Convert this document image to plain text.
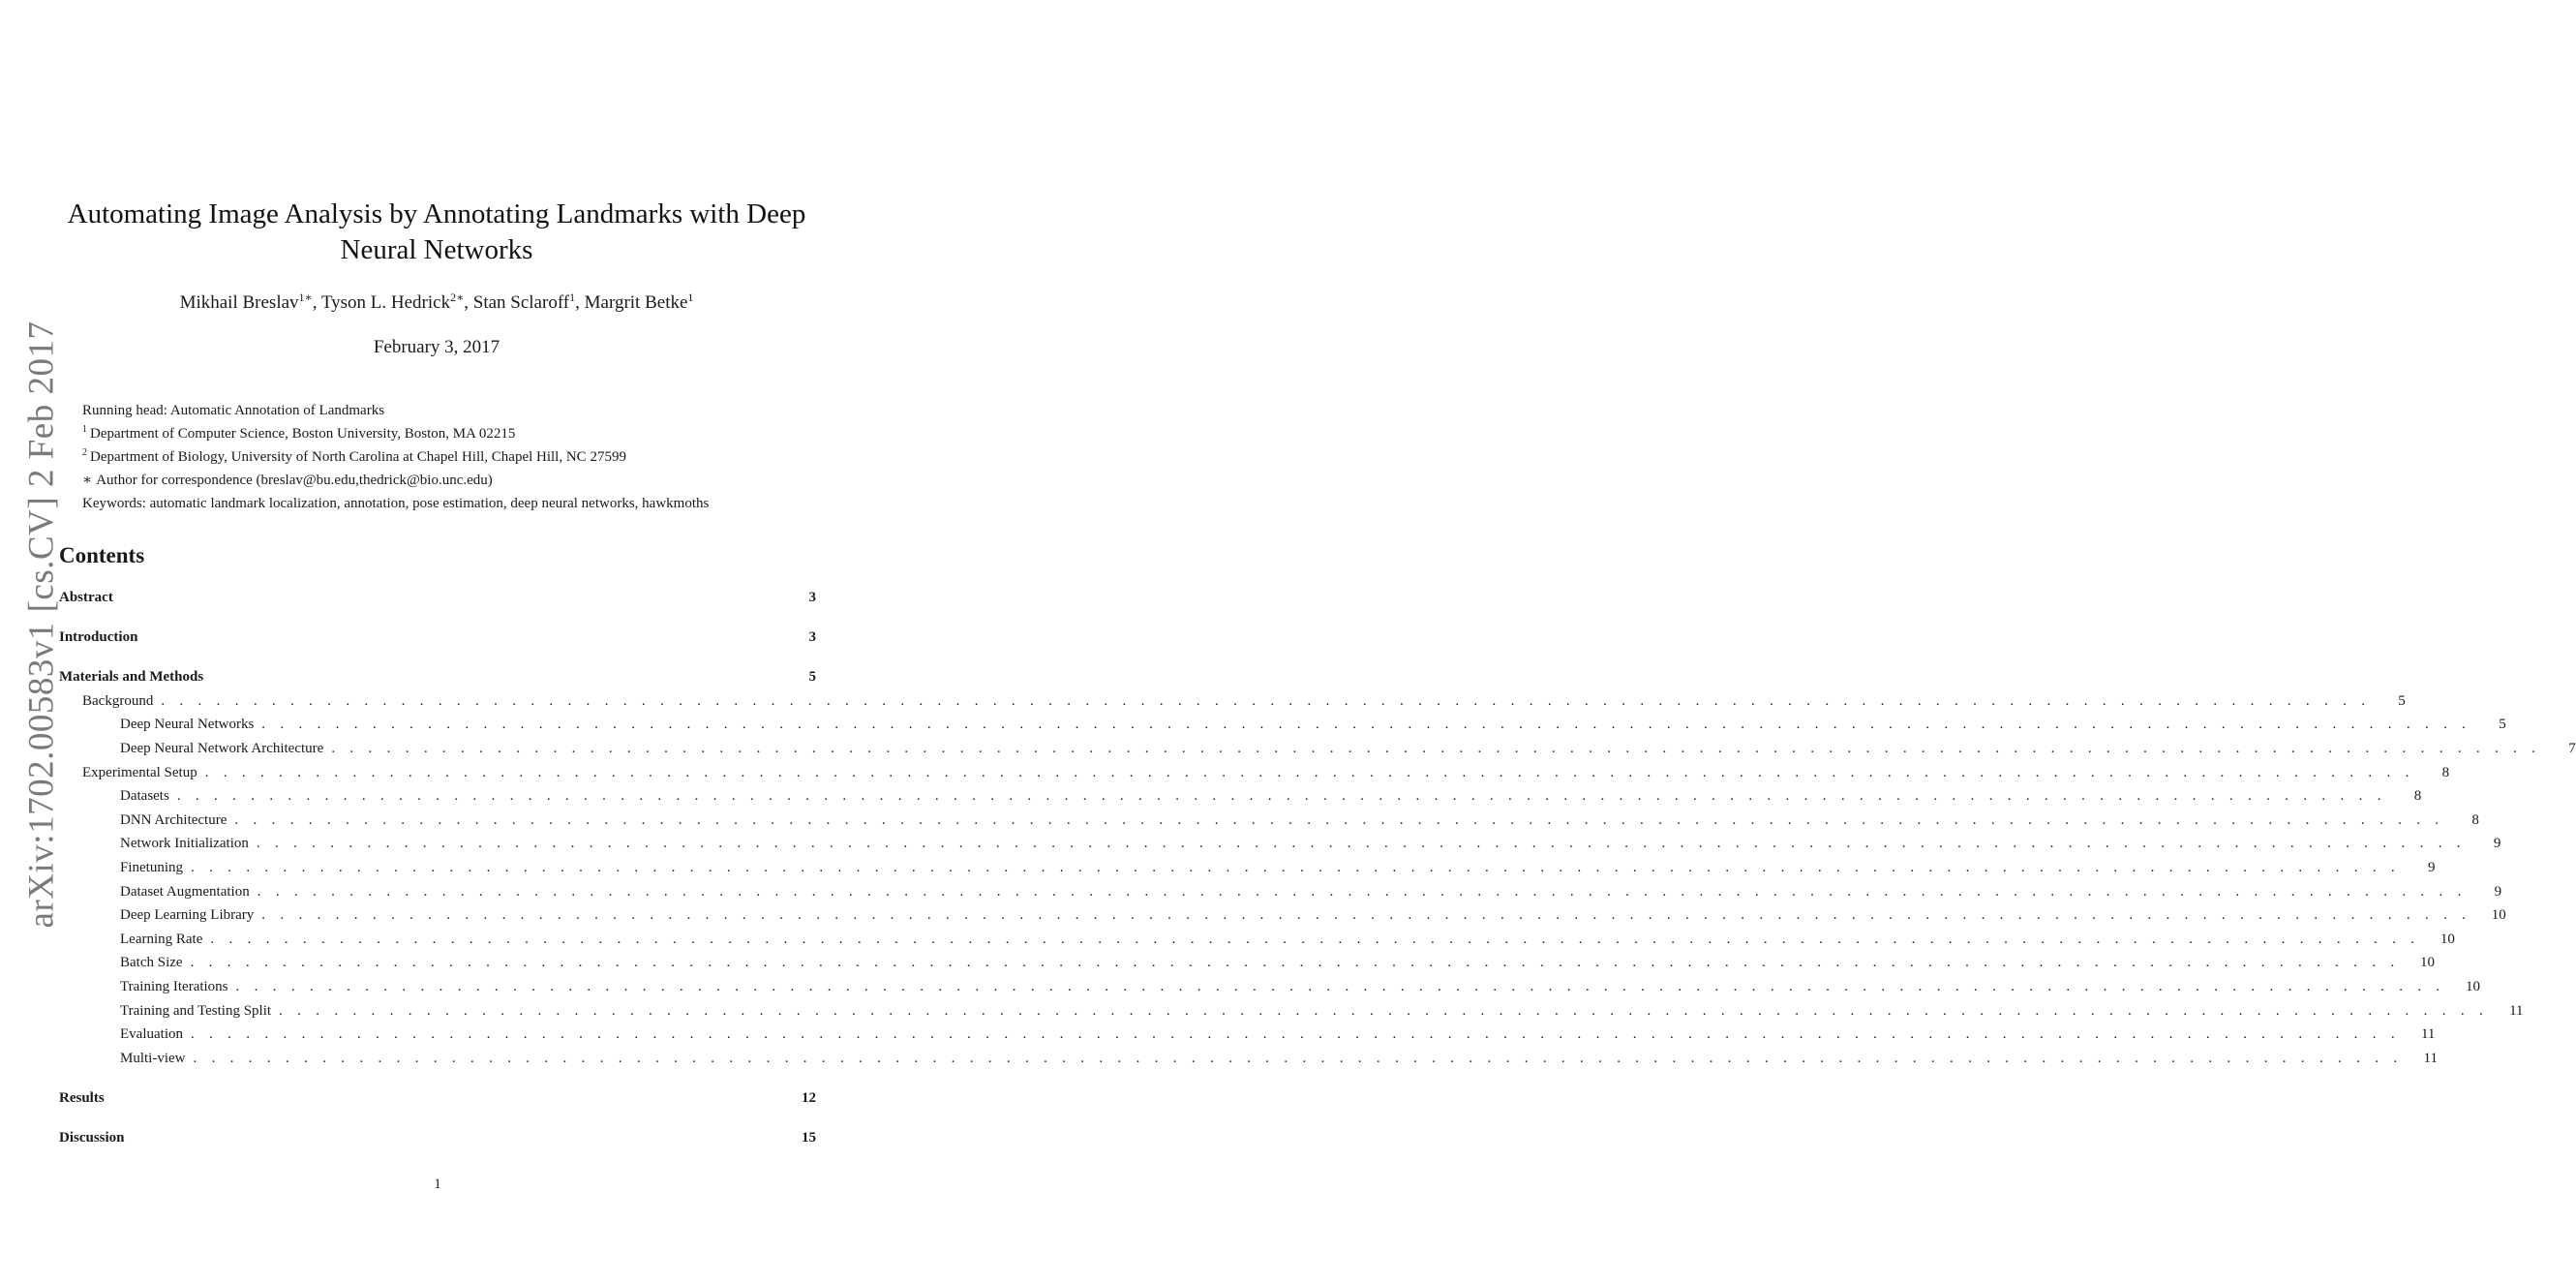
arXiv:1702.00583v1 [cs.CV] 2 Feb 2017
Automating Image Analysis by Annotating Landmarks with Deep
Neural Networks
Mikhail Breslav$^{1∗}$, Tyson L. Hedrick$^{2∗}$, Stan Sclaroff$^1$, Margrit Betke$^1$
February 3, 2017
Running head: Automatic Annotation of Landmarks
$^1$ Department of Computer Science, Boston University, Boston, MA 02215
$^2$ Department of Biology, University of North Carolina at Chapel Hill, Chapel Hill, NC 27599
∗ Author for correspondence (breslav@bu.edu,thedrick@bio.unc.edu)
Keywords: automatic landmark localization, annotation, pose estimation, deep neural networks, hawkmoths
Contents
Abstract	3
Introduction	3
Materials and Methods	5
Background . . . . . . . . . . . . . . . . . . . . . . . . . . . . . . . . . . . . . . . . . . . . . . . . . . . . . . . . . . . . . . . . . . . . . . . . . . . . . . . . . . . . . . . . . . . . . . . . . . . . . . . . . . . . . . . . . . . . . . . .	5
Deep Neural Networks . . . . . . . . . . . . . . . . . . . . . . . . . . . . . . . . . . . . . . . . . . . . . . . . . . . . . . . . . . . . . . . . . . . . . . . . . . . . . . . . . . . . . . . . . . . . . . . . . . . . . . . . . . . . . . . . . . . . . . . .	5
Deep Neural Network Architecture . . . . . . . . . . . . . . . . . . . . . . . . . . . . . . . . . . . . . . . . . . . . . . . . . . . . . . . . . . . . . . . . . . . . . . . . . . . . . . . . . . . . . . . . . . . . . . . . . . . . . . . . . . . . . . . . . . . . . . . .	7
Experimental Setup . . . . . . . . . . . . . . . . . . . . . . . . . . . . . . . . . . . . . . . . . . . . . . . . . . . . . . . . . . . . . . . . . . . . . . . . . . . . . . . . . . . . . . . . . . . . . . . . . . . . . . . . . . . . . . . . . . . . . . . .	8
Datasets . . . . . . . . . . . . . . . . . . . . . . . . . . . . . . . . . . . . . . . . . . . . . . . . . . . . . . . . . . . . . . . . . . . . . . . . . . . . . . . . . . . . . . . . . . . . . . . . . . . . . . . . . . . . . . . . . . . . . . . .	8
DNN Architecture . . . . . . . . . . . . . . . . . . . . . . . . . . . . . . . . . . . . . . . . . . . . . . . . . . . . . . . . . . . . . . . . . . . . . . . . . . . . . . . . . . . . . . . . . . . . . . . . . . . . . . . . . . . . . . . . . . . . . . . .	8
Network Initialization . . . . . . . . . . . . . . . . . . . . . . . . . . . . . . . . . . . . . . . . . . . . . . . . . . . . . . . . . . . . . . . . . . . . . . . . . . . . . . . . . . . . . . . . . . . . . . . . . . . . . . . . . . . . . . . . . . . . . . . .	9
Finetuning . . . . . . . . . . . . . . . . . . . . . . . . . . . . . . . . . . . . . . . . . . . . . . . . . . . . . . . . . . . . . . . . . . . . . . . . . . . . . . . . . . . . . . . . . . . . . . . . . . . . . . . . . . . . . . . . . . . . . . . .	9
Dataset Augmentation . . . . . . . . . . . . . . . . . . . . . . . . . . . . . . . . . . . . . . . . . . . . . . . . . . . . . . . . . . . . . . . . . . . . . . . . . . . . . . . . . . . . . . . . . . . . . . . . . . . . . . . . . . . . . . . . . . . . . . . .	9
Deep Learning Library . . . . . . . . . . . . . . . . . . . . . . . . . . . . . . . . . . . . . . . . . . . . . . . . . . . . . . . . . . . . . . . . . . . . . . . . . . . . . . . . . . . . . . . . . . . . . . . . . . . . . . . . . . . . . . . . . . . . . . . .	10
Learning Rate . . . . . . . . . . . . . . . . . . . . . . . . . . . . . . . . . . . . . . . . . . . . . . . . . . . . . . . . . . . . . . . . . . . . . . . . . . . . . . . . . . . . . . . . . . . . . . . . . . . . . . . . . . . . . . . . . . . . . . . .	10
Batch Size . . . . . . . . . . . . . . . . . . . . . . . . . . . . . . . . . . . . . . . . . . . . . . . . . . . . . . . . . . . . . . . . . . . . . . . . . . . . . . . . . . . . . . . . . . . . . . . . . . . . . . . . . . . . . . . . . . . . . . . .	10
Training Iterations . . . . . . . . . . . . . . . . . . . . . . . . . . . . . . . . . . . . . . . . . . . . . . . . . . . . . . . . . . . . . . . . . . . . . . . . . . . . . . . . . . . . . . . . . . . . . . . . . . . . . . . . . . . . . . . . . . . . . . . .	10
Training and Testing Split . . . . . . . . . . . . . . . . . . . . . . . . . . . . . . . . . . . . . . . . . . . . . . . . . . . . . . . . . . . . . . . . . . . . . . . . . . . . . . . . . . . . . . . . . . . . . . . . . . . . . . . . . . . . . . . . . . . . . . . .	11
Evaluation . . . . . . . . . . . . . . . . . . . . . . . . . . . . . . . . . . . . . . . . . . . . . . . . . . . . . . . . . . . . . . . . . . . . . . . . . . . . . . . . . . . . . . . . . . . . . . . . . . . . . . . . . . . . . . . . . . . . . . . .	11
Multi-view . . . . . . . . . . . . . . . . . . . . . . . . . . . . . . . . . . . . . . . . . . . . . . . . . . . . . . . . . . . . . . . . . . . . . . . . . . . . . . . . . . . . . . . . . . . . . . . . . . . . . . . . . . . . . . . . . . . . . . . .	11
Results	12
Discussion	15
1
